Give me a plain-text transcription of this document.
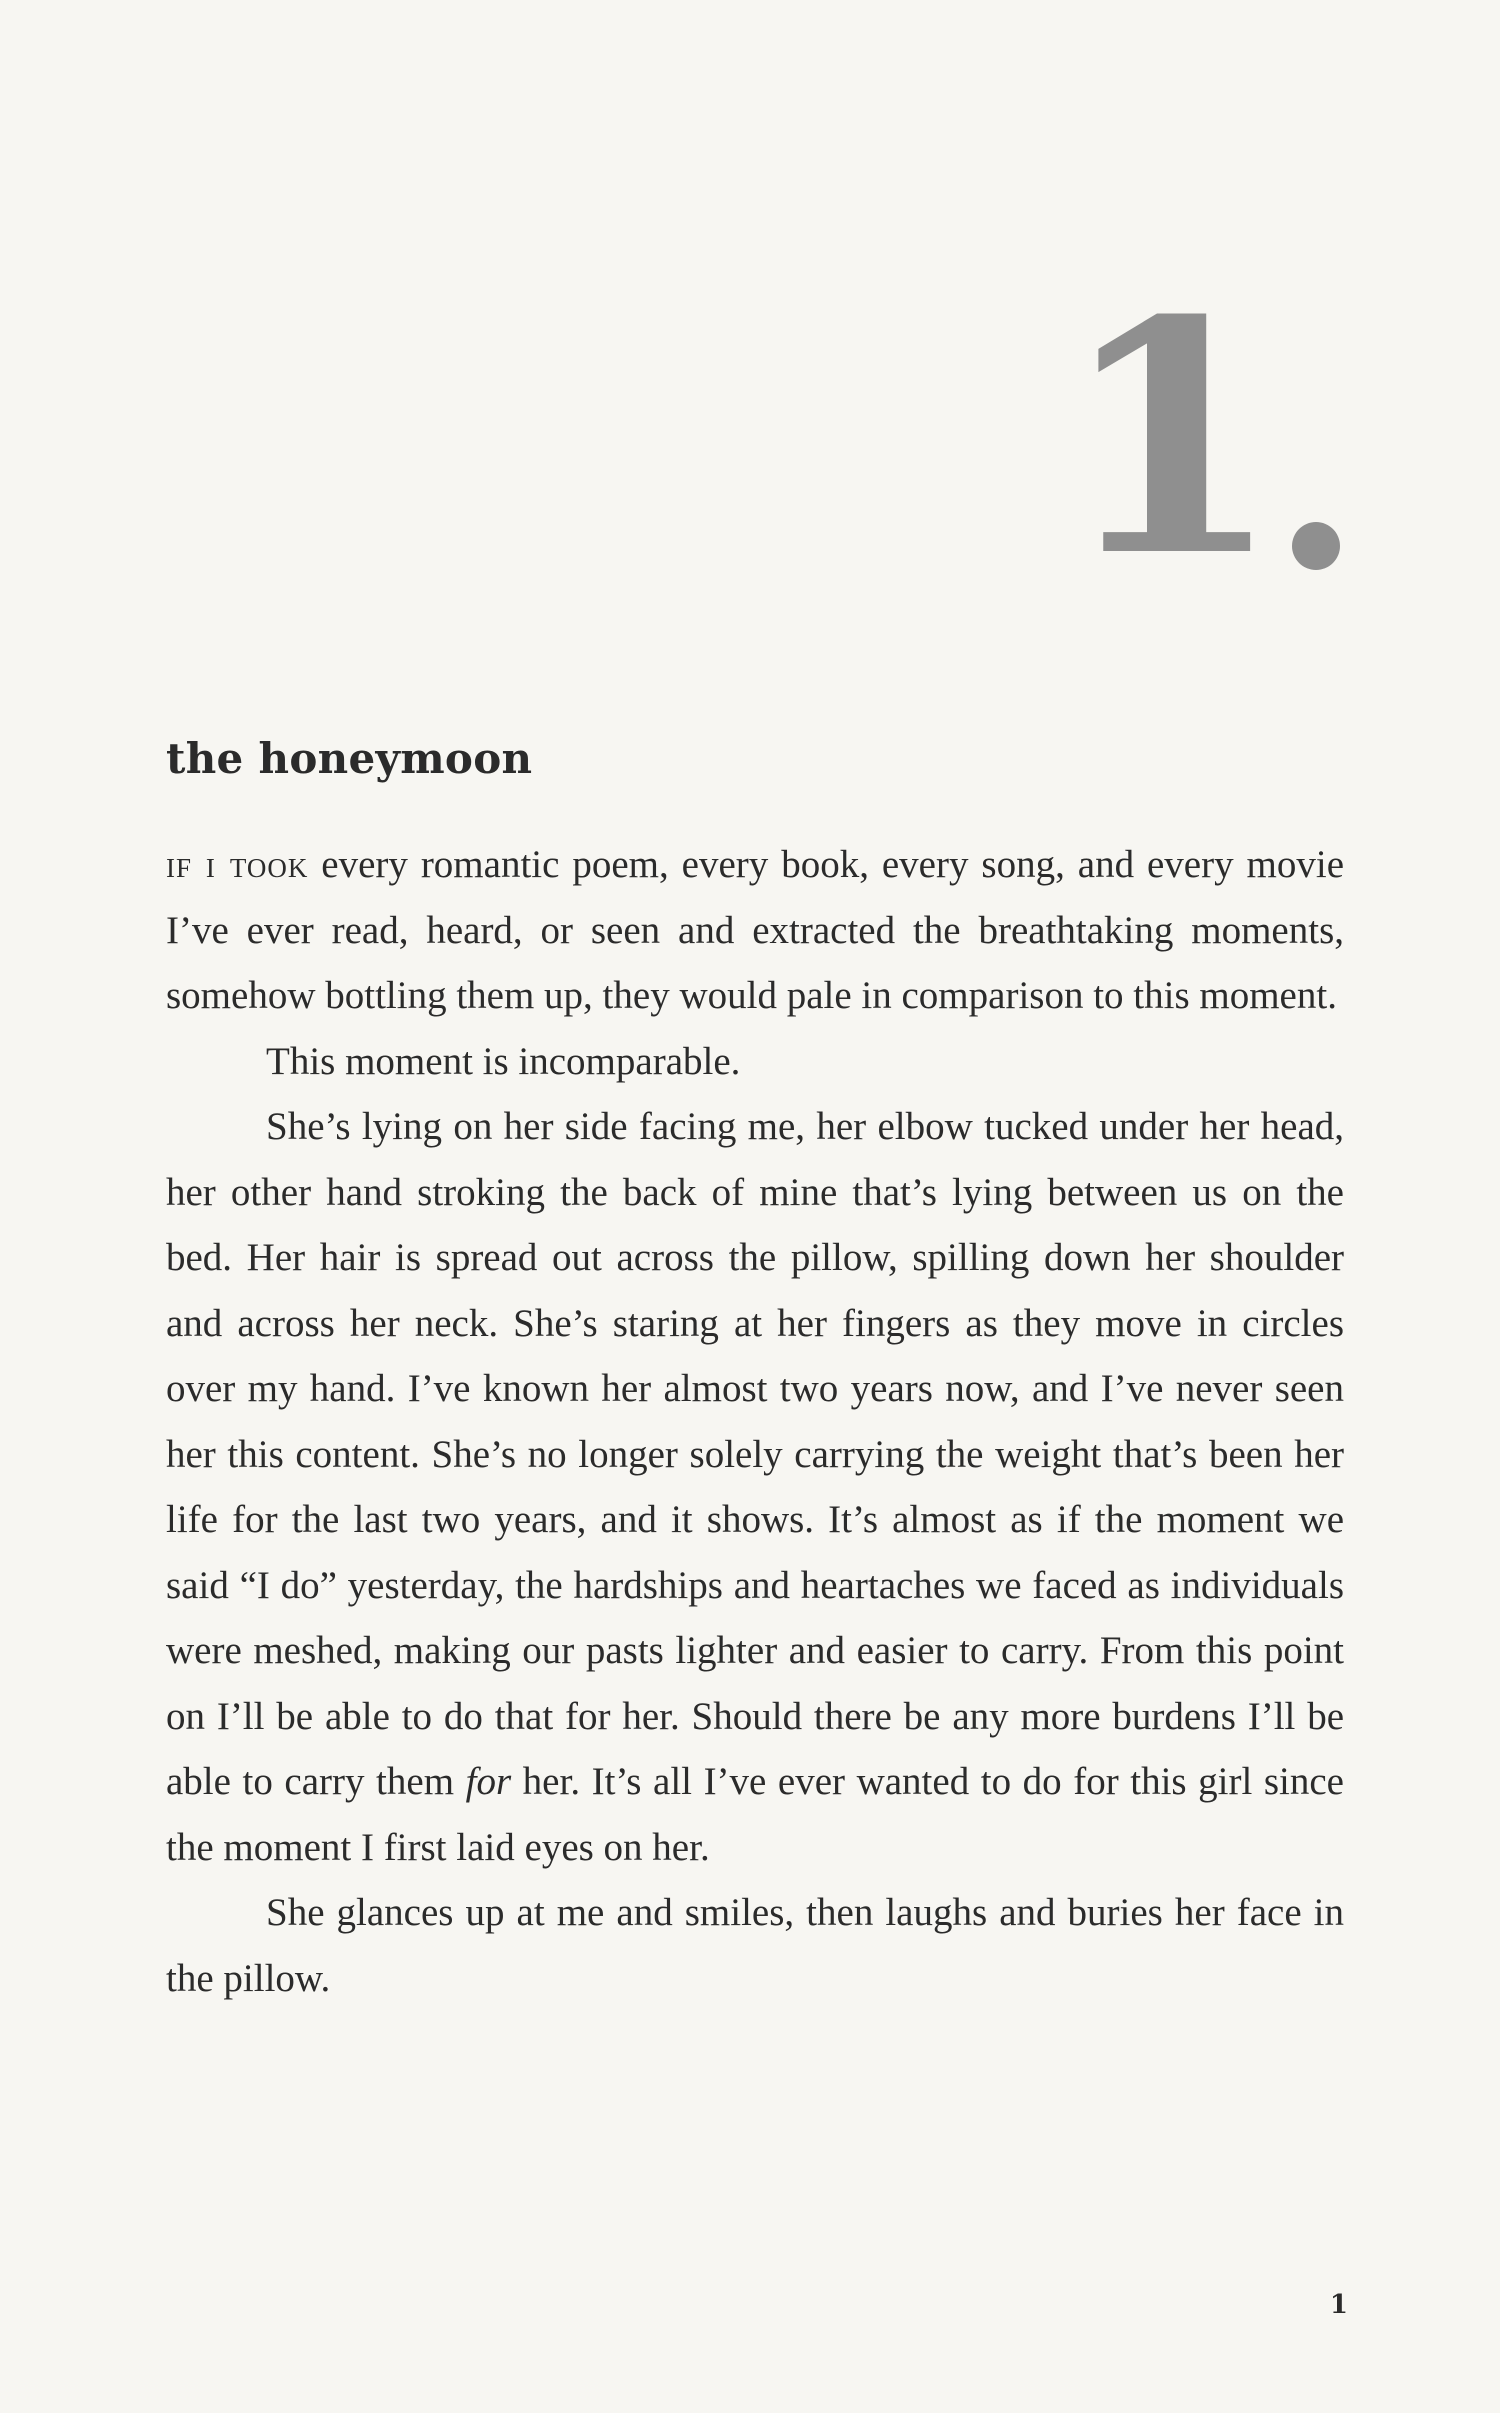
1
the honeymoon

if i took every romantic poem, every book, every song, and every movie I’ve ever read, heard, or seen and extracted the breathtaking moments, somehow bottling them up, they would pale in comparison to this moment.

This moment is incomparable.

She’s lying on her side facing me, her elbow tucked under her head, her other hand stroking the back of mine that’s lying between us on the bed. Her hair is spread out across the pillow, spilling down her shoulder and across her neck. She’s staring at her fingers as they move in circles over my hand. I’ve known her almost two years now, and I’ve never seen her this content. She’s no longer solely carrying the weight that’s been her life for the last two years, and it shows. It’s almost as if the moment we said “I do” yesterday, the hardships and heartaches we faced as individuals were meshed, making our pasts lighter and easier to carry. From this point on I’ll be able to do that for her. Should there be any more burdens I’ll be able to carry them for her. It’s all I’ve ever wanted to do for this girl since the moment I first laid eyes on her.

She glances up at me and smiles, then laughs and buries her face in the pillow.

1
